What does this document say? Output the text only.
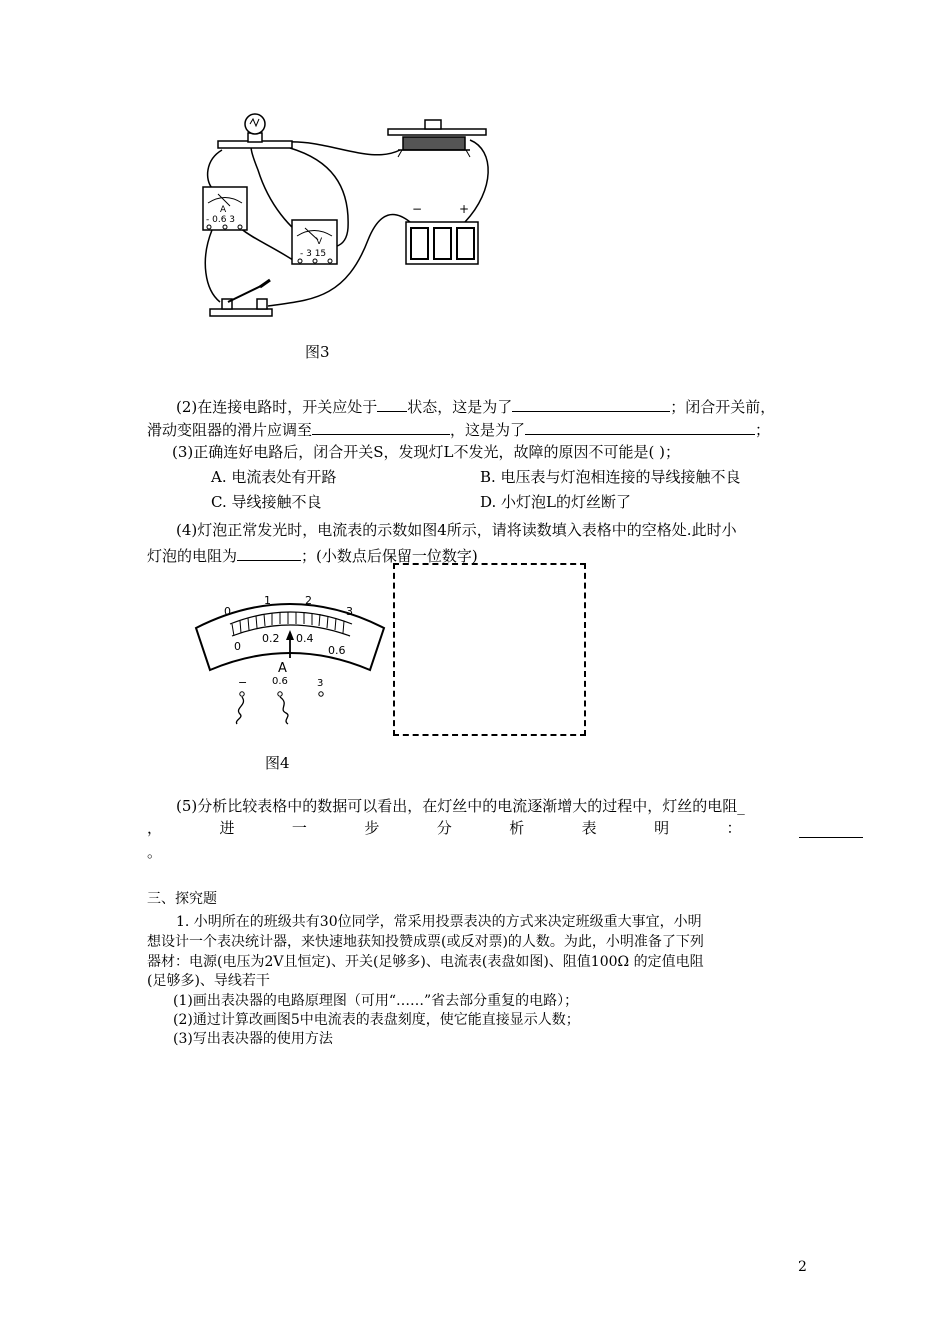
A
- 0.6 3
V
- 3 15
−	+
图3
(2)在连接电路时，开关应处于 状态，这是为了	；闭合开关前，
滑动变阻器的滑片应调至	，这是为了	；
(3)正确连好电路后，闭合开关S，发现灯L不发光，故障的原因不可能是( )；
A. 电流表处有开路	B. 电压表与灯泡相连接的导线接触不良
C. 导线接触不良	D. 小灯泡L的灯丝断了
(4)灯泡正常发光时，电流表的示数如图4所示，请将读数填入表格中的空格处.此时小
灯泡的电阻为	；(小数点后保留一位数字)
0
1	2
3
0
0.2 0.4
0.6
A
− 0.6	3
图4
(5)分析比较表格中的数据可以看出，在灯丝中的电流逐渐增大的过程中，灯丝的电阻_
，	进	一	步	分	析	表	明	：
。
三、探究题
1. 小明所在的班级共有30位同学，常采用投票表决的方式来决定班级重大事宜，小明
想设计一个表决统计器，来快速地获知投赞成票(或反对票)的人数。为此，小明准备了下列
器材：电源(电压为2V且恒定)、开关(足够多)、电流表(表盘如图)、阻值100Ω 的定值电阻
(足够多)、导线若干
(1)画出表决器的电路原理图（可用“……”省去部分重复的电路）；
(2)通过计算改画图5中电流表的表盘刻度，使它能直接显示人数；
(3)写出表决器的使用方法
2
